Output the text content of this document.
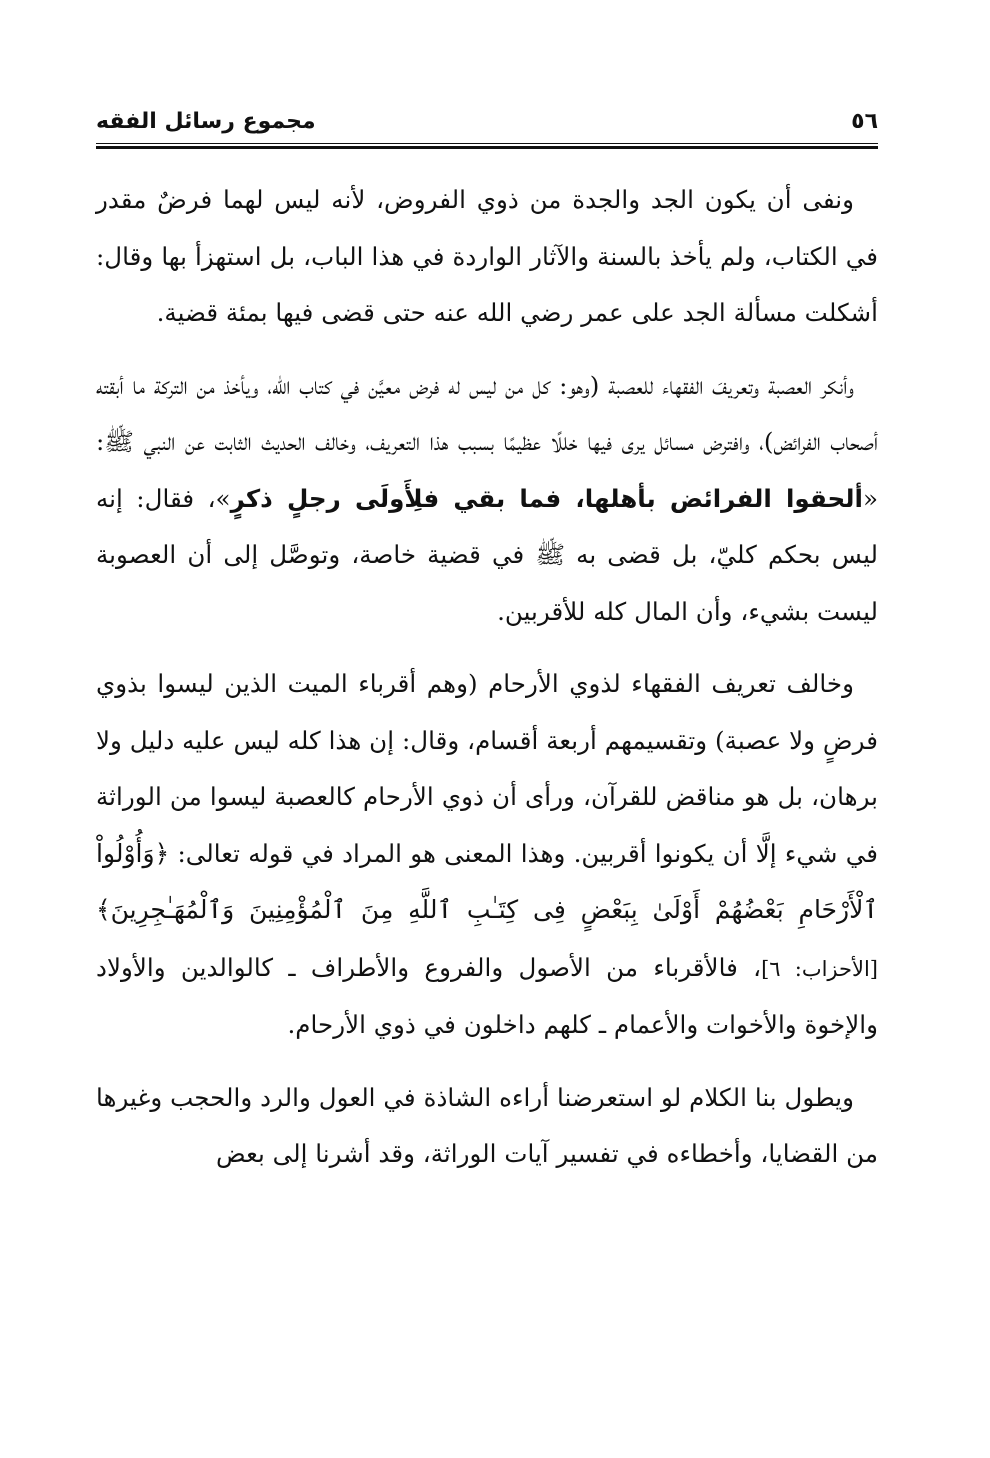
٥٦
مجموع رسائل الفقه

ونفى أن يكون الجد والجدة من ذوي الفروض، لأنه ليس لهما فرضٌ مقدر في الكتاب، ولم يأخذ بالسنة والآثار الواردة في هذا الباب، بل استهزأ بها وقال: أشكلت مسألة الجد على عمر رضي الله عنه حتى قضى فيها بمئة قضية.

وأنكر العصبة وتعريفَ الفقهاء للعصبة (وهو: كل من ليس له فرض معيَّن في كتاب الله، ويأخذ من التركة ما أبقته أصحاب الفرائض)، وافترض مسائل يرى فيها خللًا عظيمًا بسبب هذا التعريف، وخالف الحديث الثابت عن النبي ﷺ: «ألحقوا الفرائض بأهلها، فما بقي فلِأَولَى رجلٍ ذكرٍ»، فقال: إنه ليس بحكم كليّ، بل قضى به ﷺ في قضية خاصة، وتوصَّل إلى أن العصوبة ليست بشيء، وأن المال كله للأقربين.

وخالف تعريف الفقهاء لذوي الأرحام (وهم أقرباء الميت الذين ليسوا بذوي فرضٍ ولا عصبة) وتقسيمهم أربعة أقسام، وقال: إن هذا كله ليس عليه دليل ولا برهان، بل هو مناقض للقرآن، ورأى أن ذوي الأرحام كالعصبة ليسوا من الوراثة في شيء إلَّا أن يكونوا أقربين. وهذا المعنى هو المراد في قوله تعالى: ﴿وَأُوْلُواْ ٱلْأَرْحَامِ بَعْضُهُمْ أَوْلَىٰ بِبَعْضٍ فِى كِتَـٰبِ ٱللَّهِ مِنَ ٱلْمُؤْمِنِينَ وَٱلْمُهَـٰجِرِينَ﴾ [الأحزاب: ٦]، فالأقرباء من الأصول والفروع والأطراف ـ كالوالدين والأولاد والإخوة والأخوات والأعمام ـ كلهم داخلون في ذوي الأرحام.

ويطول بنا الكلام لو استعرضنا أراءه الشاذة في العول والرد والحجب وغيرها من القضايا، وأخطاءه في تفسير آيات الوراثة، وقد أشرنا إلى بعض
